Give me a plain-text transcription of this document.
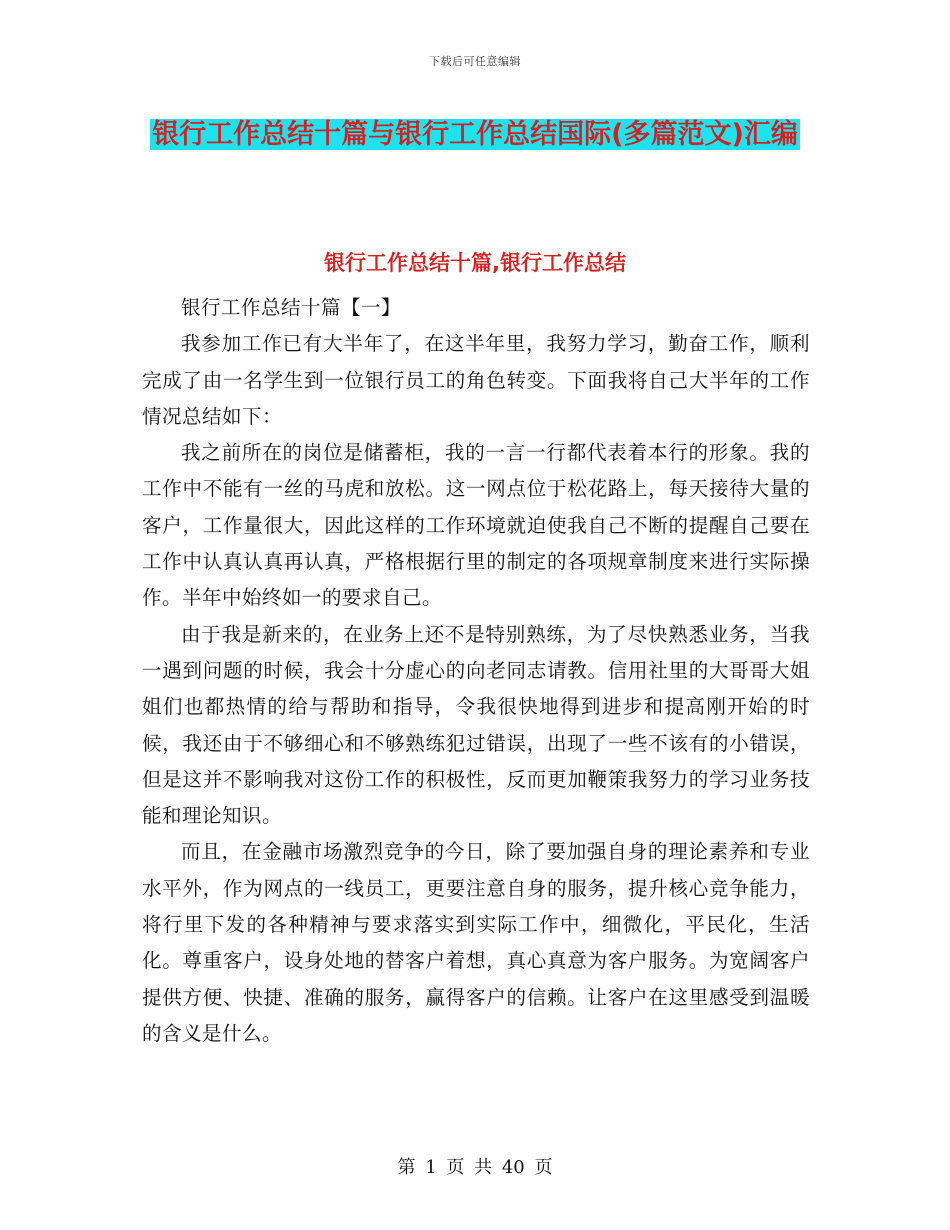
下载后可任意编辑
银行工作总结十篇与银行工作总结国际(多篇范文)汇编
银行工作总结十篇,银行工作总结

银行工作总结十篇【一】

我参加工作已有大半年了，在这半年里，我努力学习，勤奋工作，顺利完成了由一名学生到一位银行员工的角色转变。下面我将自己大半年的工作情况总结如下：

我之前所在的岗位是储蓄柜，我的一言一行都代表着本行的形象。我的工作中不能有一丝的马虎和放松。这一网点位于松花路上，每天接待大量的客户，工作量很大，因此这样的工作环境就迫使我自己不断的提醒自己要在工作中认真认真再认真，严格根据行里的制定的各项规章制度来进行实际操作。半年中始终如一的要求自己。

由于我是新来的，在业务上还不是特别熟练，为了尽快熟悉业务，当我一遇到问题的时候，我会十分虚心的向老同志请教。信用社里的大哥哥大姐姐们也都热情的给与帮助和指导，令我很快地得到进步和提高刚开始的时候，我还由于不够细心和不够熟练犯过错误，出现了一些不该有的小错误，但是这并不影响我对这份工作的积极性，反而更加鞭策我努力的学习业务技能和理论知识。

而且，在金融市场激烈竞争的今日，除了要加强自身的理论素养和专业水平外，作为网点的一线员工，更要注意自身的服务，提升核心竞争能力，将行里下发的各种精神与要求落实到实际工作中，细微化，平民化，生活化。尊重客户，设身处地的替客户着想，真心真意为客户服务。为宽阔客户提供方便、快捷、准确的服务，赢得客户的信赖。让客户在这里感受到温暖的含义是什么。

第 1 页 共 40 页
